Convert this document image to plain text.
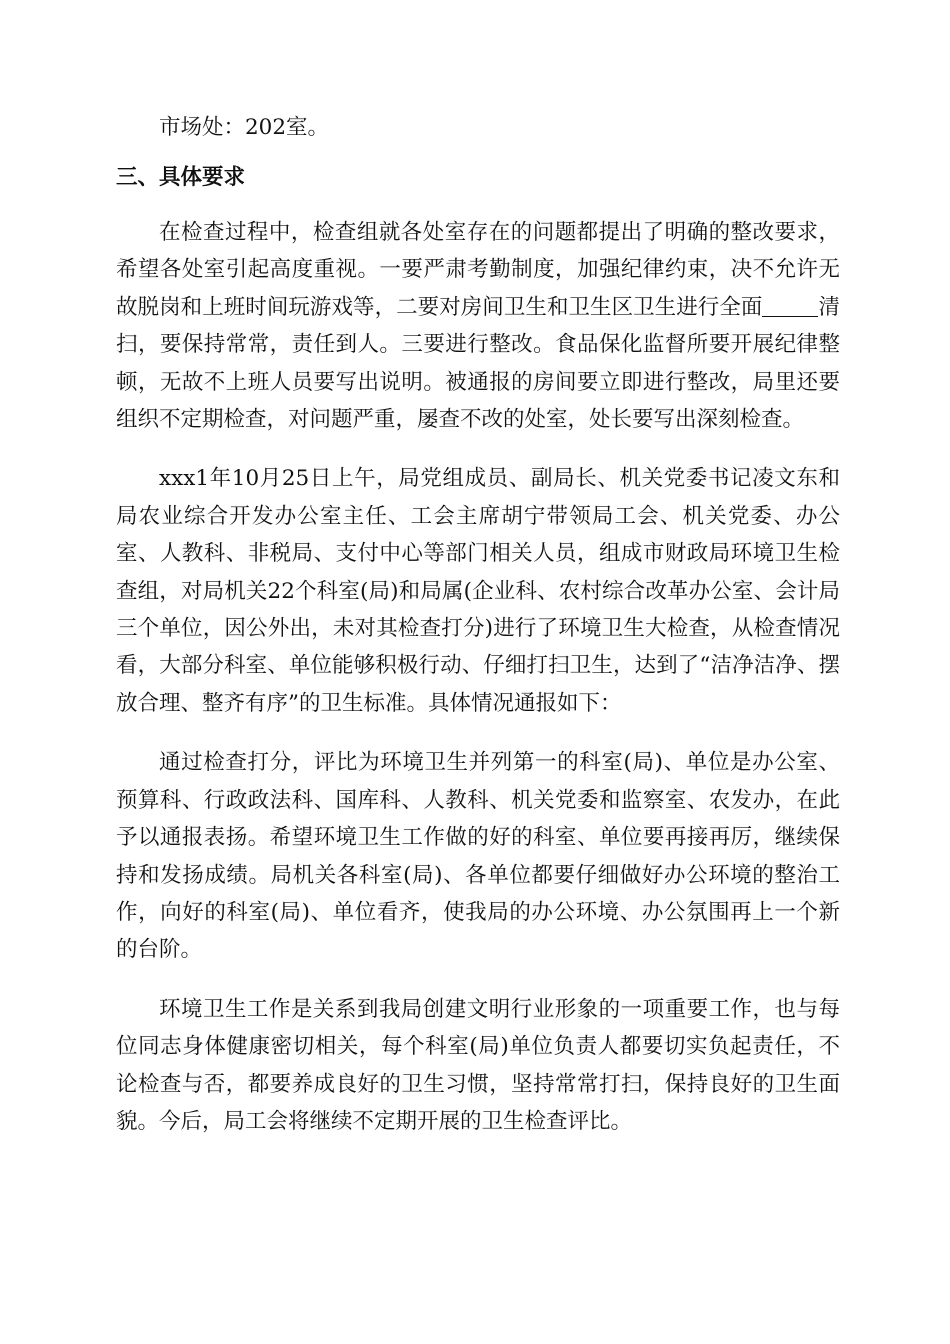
市场处：202室。

三、具体要求

在检查过程中，检查组就各处室存在的问题都提出了明确的整改要求，希望各处室引起高度重视。一要严肃考勤制度，加强纪律约束，决不允许无故脱岗和上班时间玩游戏等，二要对房间卫生和卫生区卫生进行全面	清扫，要保持常常，责任到人。三要进行整改。食品保化监督所要开展纪律整顿，无故不上班人员要写出说明。被通报的房间要立即进行整改，局里还要组织不定期检查，对问题严重，屡查不改的处室，处长要写出深刻检查。

xxx1年10月25日上午，局党组成员、副局长、机关党委书记凌文东和局农业综合开发办公室主任、工会主席胡宁带领局工会、机关党委、办公室、人教科、非税局、支付中心等部门相关人员，组成市财政局环境卫生检查组，对局机关22个科室(局)和局属(企业科、农村综合改革办公室、会计局三个单位，因公外出，未对其检查打分)进行了环境卫生大检查，从检查情况看，大部分科室、单位能够积极行动、仔细打扫卫生，达到了“洁净洁净、摆放合理、整齐有序”的卫生标准。具体情况通报如下：

通过检查打分，评比为环境卫生并列第一的科室(局)、单位是办公室、预算科、行政政法科、国库科、人教科、机关党委和监察室、农发办，在此予以通报表扬。希望环境卫生工作做的好的科室、单位要再接再厉，继续保持和发扬成绩。局机关各科室(局)、各单位都要仔细做好办公环境的整治工作，向好的科室(局)、单位看齐，使我局的办公环境、办公氛围再上一个新的台阶。

环境卫生工作是关系到我局创建文明行业形象的一项重要工作，也与每位同志身体健康密切相关，每个科室(局)单位负责人都要切实负起责任，不论检查与否，都要养成良好的卫生习惯，坚持常常打扫，保持良好的卫生面貌。今后，局工会将继续不定期开展的卫生检查评比。
